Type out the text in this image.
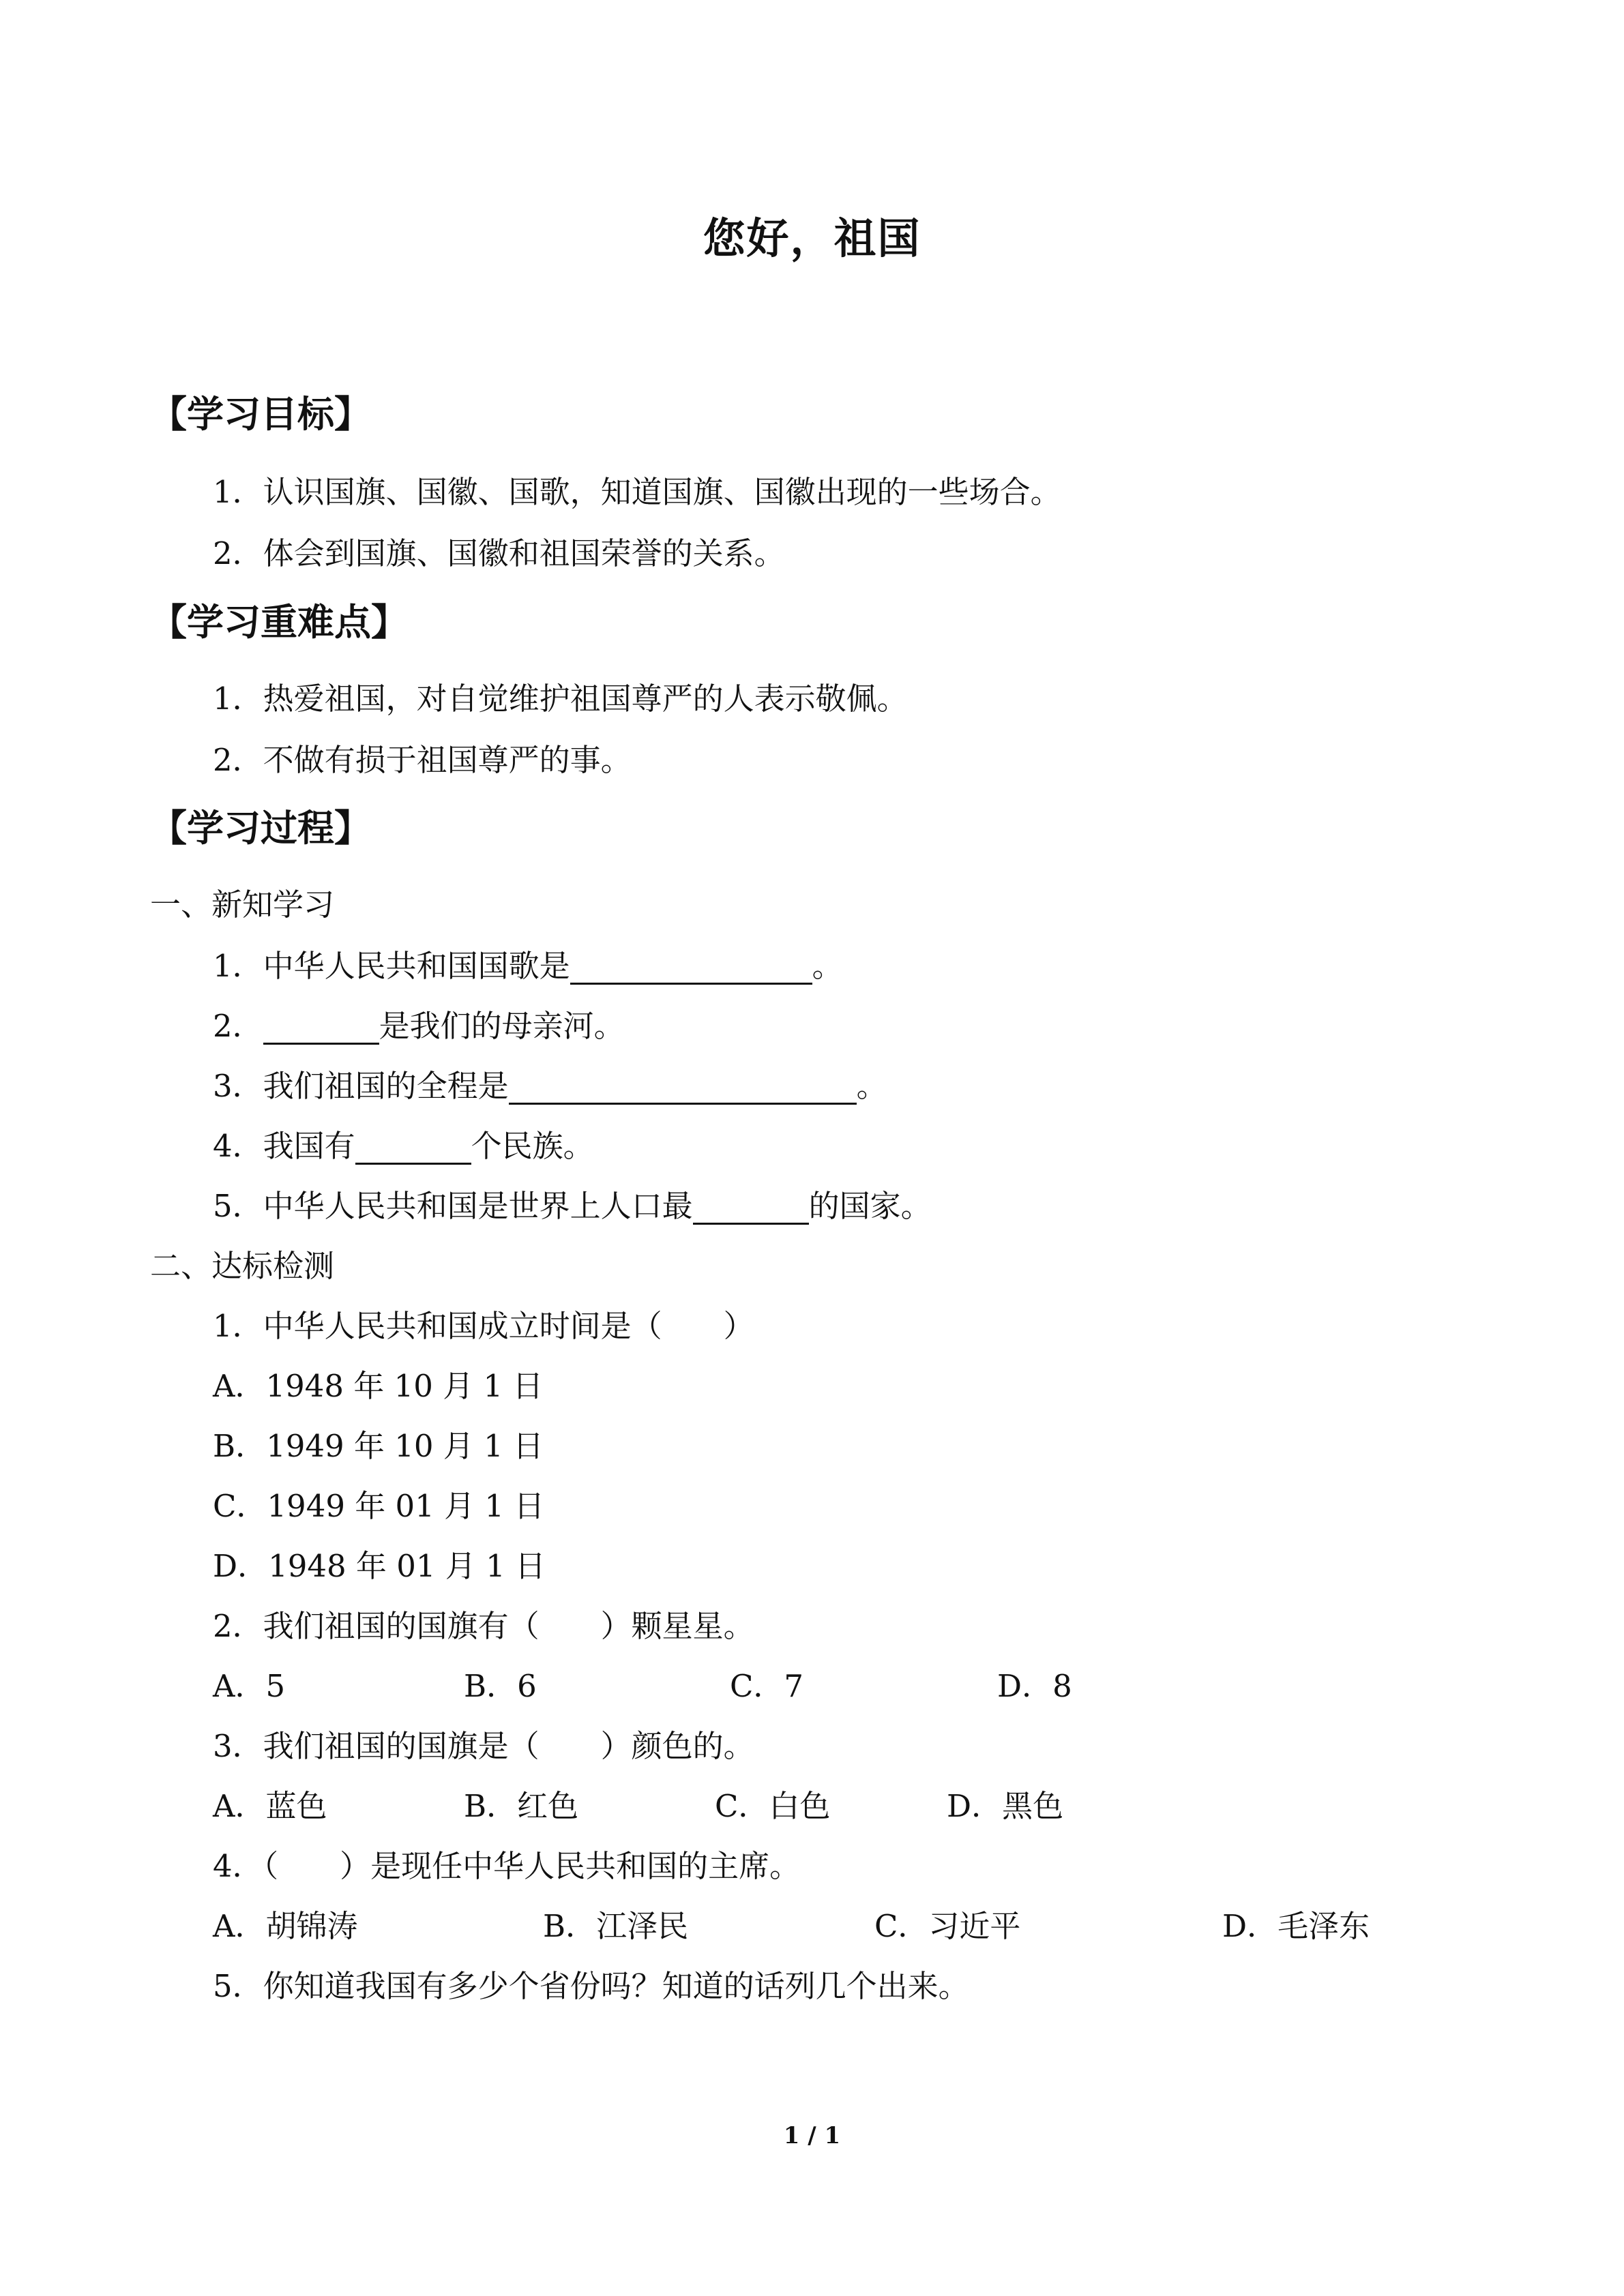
您好，祖国
【学习目标】
1．认识国旗、国徽、国歌，知道国旗、国徽出现的一些场合。
2．体会到国旗、国徽和祖国荣誉的关系。
【学习重难点】
1．热爱祖国，对自觉维护祖国尊严的人表示敬佩。
2．不做有损于祖国尊严的事。
【学习过程】
一、新知学习
1．中华人民共和国国歌是	。
2．	是我们的母亲河。
3．我们祖国的全程是	。
4．我国有	个民族。
5．中华人民共和国是世界上人口最	的国家。
二、达标检测
1．中华人民共和国成立时间是（　　）
A．1948 年 10 月 1 日
B．1949 年 10 月 1 日
C．1949 年 01 月 1 日
D．1948 年 01 月 1 日
2．我们祖国的国旗有（　　）颗星星。
A．5	B．6	C．7	D．8
3．我们祖国的国旗是（　　）颜色的。
A．蓝色	B．红色	C．白色	D．黑色
4．（　　）是现任中华人民共和国的主席。
A．胡锦涛	B．江泽民	C．习近平	D．毛泽东
5．你知道我国有多少个省份吗？知道的话列几个出来。
1 / 1
